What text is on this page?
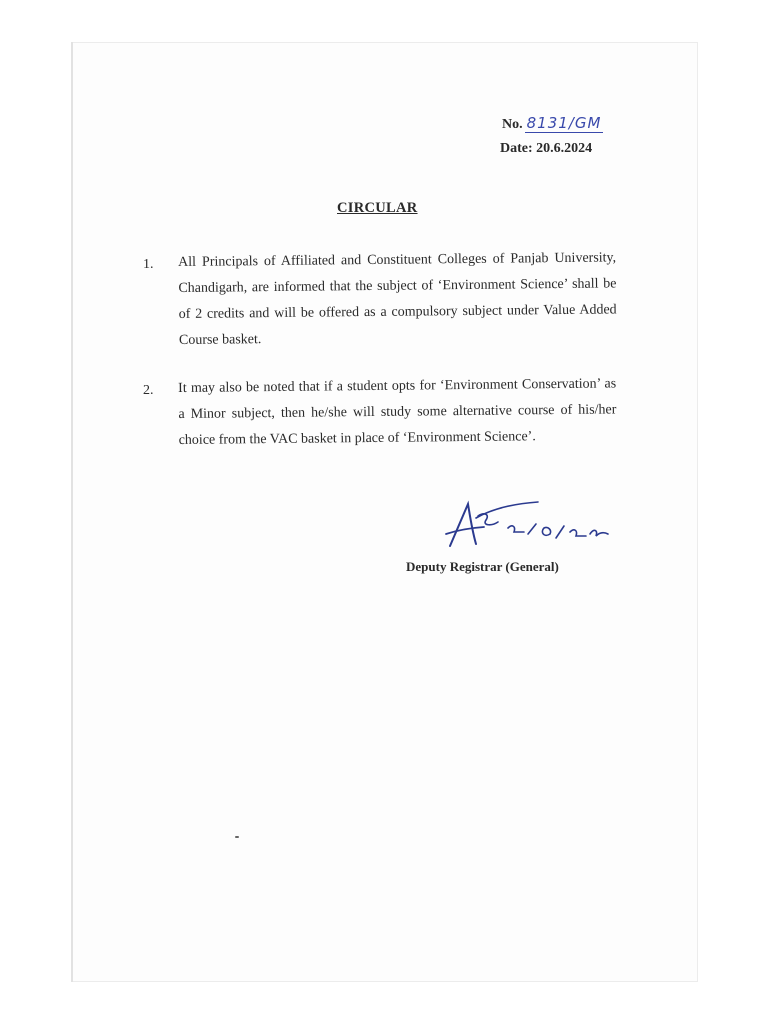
No. 8131/GM
Date: 20.6.2024
CIRCULAR
1. All Principals of Affiliated and Constituent Colleges of Panjab University, Chandigarh, are informed that the subject of ‘Environment Science’ shall be of 2 credits and will be offered as a compulsory subject under Value Added Course basket.
2. It may also be noted that if a student opts for ‘Environment Conservation’ as a Minor subject, then he/she will study some alternative course of his/her choice from the VAC basket in place of ‘Environment Science’.
Deputy Registrar (General)
